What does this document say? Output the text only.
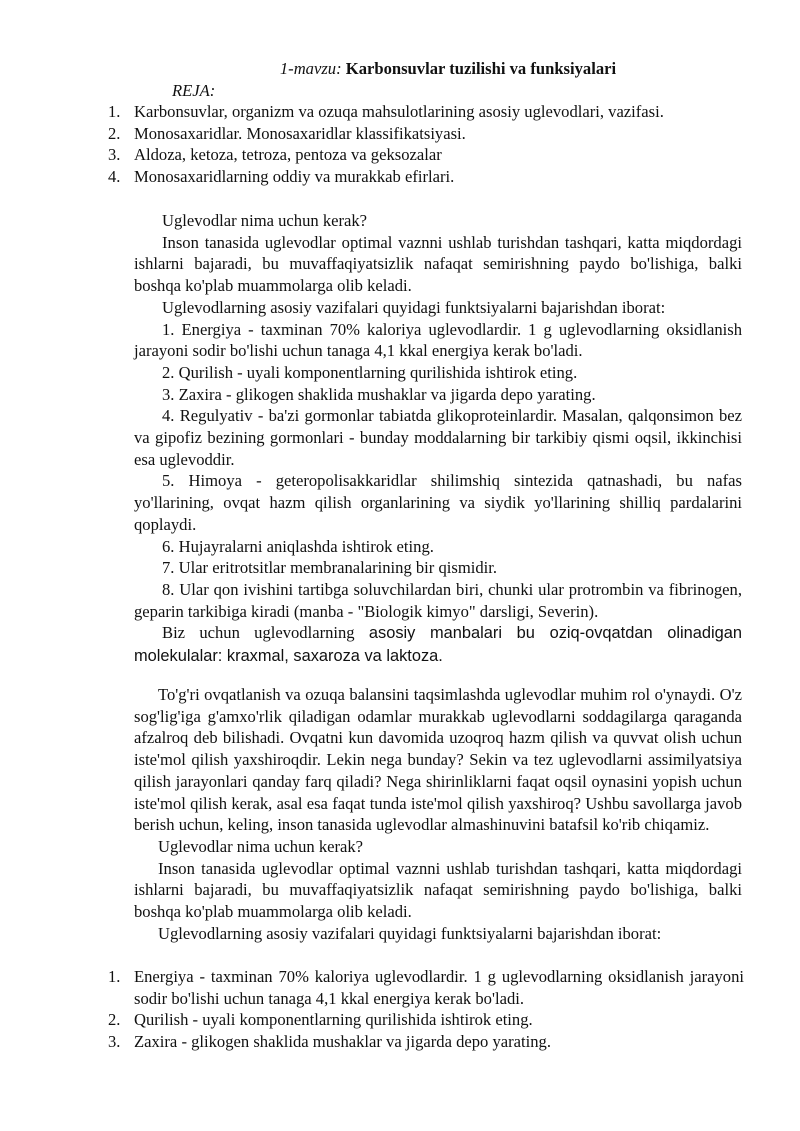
1-mavzu: Karbonsuvlar tuzilishi va funksiyalari
REJA:
1. Karbonsuvlar, organizm va ozuqa mahsulotlarining asosiy uglevodlari, vazifasi.
2. Monosaxaridlar. Monosaxaridlar klassifikatsiyasi.
3. Aldoza, ketoza, tetroza, pentoza va geksozalar
4. Monosaxaridlarning oddiy va murakkab efirlari.

Uglevodlar nima uchun kerak?

Inson tanasida uglevodlar optimal vaznni ushlab turishdan tashqari, katta miqdordagi ishlarni bajaradi, bu muvaffaqiyatsizlik nafaqat semirishning paydo bo'lishiga, balki boshqa ko'plab muammolarga olib keladi.

Uglevodlarning asosiy vazifalari quyidagi funktsiyalarni bajarishdan iborat:

1. Energiya - taxminan 70% kaloriya uglevodlardir. 1 g uglevodlarning oksidlanish jarayoni sodir bo'lishi uchun tanaga 4,1 kkal energiya kerak bo'ladi.

2. Qurilish - uyali komponentlarning qurilishida ishtirok eting.

3. Zaxira - glikogen shaklida mushaklar va jigarda depo yarating.

4. Regulyativ - ba'zi gormonlar tabiatda glikoproteinlardir. Masalan, qalqonsimon bez va gipofiz bezining gormonlari - bunday moddalarning bir tarkibiy qismi oqsil, ikkinchisi esa uglevoddir.

5. Himoya - geteropolisakkaridlar shilimshiq sintezida qatnashadi, bu nafas yo'llarining, ovqat hazm qilish organlarining va siydik yo'llarining shilliq pardalarini qoplaydi.

6. Hujayralarni aniqlashda ishtirok eting.

7. Ular eritrotsitlar membranalarining bir qismidir.

8. Ular qon ivishini tartibga soluvchilardan biri, chunki ular protrombin va fibrinogen, geparin tarkibiga kiradi (manba - "Biologik kimyo" darsligi, Severin).

Biz uchun uglevodlarning asosiy manbalari bu oziq-ovqatdan olinadigan molekulalar: kraxmal, saxaroza va laktoza.

To'g'ri ovqatlanish va ozuqa balansini taqsimlashda uglevodlar muhim rol o'ynaydi. O'z sog'lig'iga g'amxo'rlik qiladigan odamlar murakkab uglevodlarni soddagilarga qaraganda afzalroq deb bilishadi. Ovqatni kun davomida uzoqroq hazm qilish va quvvat olish uchun iste'mol qilish yaxshiroqdir. Lekin nega bunday? Sekin va tez uglevodlarni assimilyatsiya qilish jarayonlari qanday farq qiladi? Nega shirinliklarni faqat oqsil oynasini yopish uchun iste'mol qilish kerak, asal esa faqat tunda iste'mol qilish yaxshiroq? Ushbu savollarga javob berish uchun, keling, inson tanasida uglevodlar almashinuvini batafsil ko'rib chiqamiz.

Uglevodlar nima uchun kerak?

Inson tanasida uglevodlar optimal vaznni ushlab turishdan tashqari, katta miqdordagi ishlarni bajaradi, bu muvaffaqiyatsizlik nafaqat semirishning paydo bo'lishiga, balki boshqa ko'plab muammolarga olib keladi.

Uglevodlarning asosiy vazifalari quyidagi funktsiyalarni bajarishdan iborat:

1. Energiya - taxminan 70% kaloriya uglevodlardir. 1 g uglevodlarning oksidlanish jarayoni sodir bo'lishi uchun tanaga 4,1 kkal energiya kerak bo'ladi.
2. Qurilish - uyali komponentlarning qurilishida ishtirok eting.
3. Zaxira - glikogen shaklida mushaklar va jigarda depo yarating.
